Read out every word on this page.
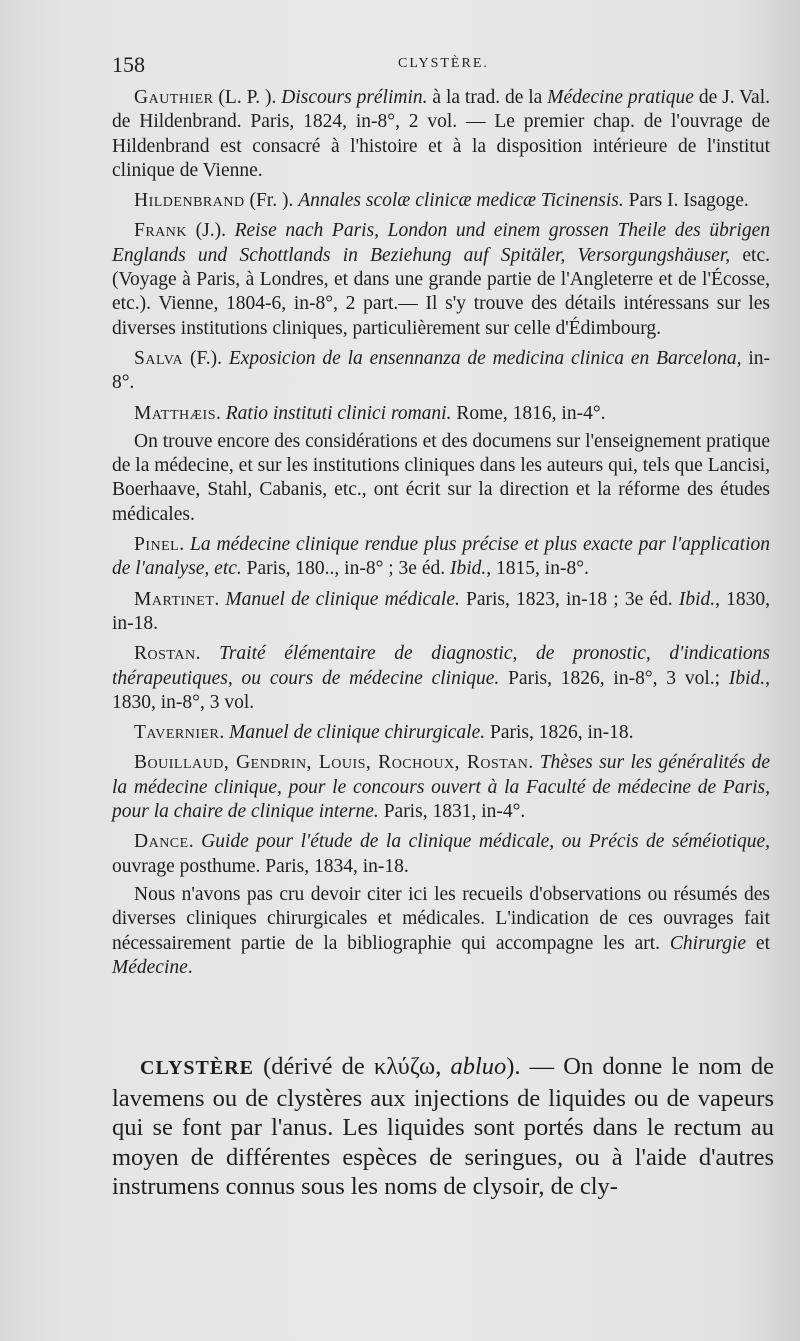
158	CLYSTÈRE.

Gauthier (L. P. ). Discours prélimin. à la trad. de la Médecine pratique de J. Val. de Hildenbrand. Paris, 1824, in-8°, 2 vol. — Le premier chap. de l'ouvrage de Hildenbrand est consacré à l'histoire et à la disposition intérieure de l'institut clinique de Vienne.

Hildenbrand (Fr. ). Annales scolæ clinicæ medicæ Ticinensis. Pars I. Isagoge.

Frank (J.). Reise nach Paris, London und einem grossen Theile des übrigen Englands und Schottlands in Beziehung auf Spitäler, Versorgungshäuser, etc. (Voyage à Paris, à Londres, et dans une grande partie de l'Angleterre et de l'Écosse, etc.). Vienne, 1804-6, in-8°, 2 part.— Il s'y trouve des détails intéressans sur les diverses institutions cliniques, particulièrement sur celle d'Édimbourg.

Salva (F.). Exposicion de la ensennanza de medicina clinica en Barcelona, in-8°.

Matthæis. Ratio instituti clinici romani. Rome, 1816, in-4°.

On trouve encore des considérations et des documens sur l'enseignement pratique de la médecine, et sur les institutions cliniques dans les auteurs qui, tels que Lancisi, Boerhaave, Stahl, Cabanis, etc., ont écrit sur la direction et la réforme des études médicales.

Pinel. La médecine clinique rendue plus précise et plus exacte par l'application de l'analyse, etc. Paris, 180.., in-8° ; 3e éd. Ibid., 1815, in-8°.

Martinet. Manuel de clinique médicale. Paris, 1823, in-18 ; 3e éd. Ibid., 1830, in-18.

Rostan. Traité élémentaire de diagnostic, de pronostic, d'indications thérapeutiques, ou cours de médecine clinique. Paris, 1826, in-8°, 3 vol.; Ibid., 1830, in-8°, 3 vol.

Tavernier. Manuel de clinique chirurgicale. Paris, 1826, in-18.

Bouillaud, Gendrin, Louis, Rochoux, Rostan. Thèses sur les généralités de la médecine clinique, pour le concours ouvert à la Faculté de médecine de Paris, pour la chaire de clinique interne. Paris, 1831, in-4°.

Dance. Guide pour l'étude de la clinique médicale, ou Précis de séméiotique, ouvrage posthume. Paris, 1834, in-18.

Nous n'avons pas cru devoir citer ici les recueils d'observations ou résumés des diverses cliniques chirurgicales et médicales. L'indication de ces ouvrages fait nécessairement partie de la bibliographie qui accompagne les art. Chirurgie et Médecine.

CLYSTÈRE (dérivé de κλύζω, abluo). — On donne le nom de lavemens ou de clystères aux injections de liquides ou de vapeurs qui se font par l'anus. Les liquides sont portés dans le rectum au moyen de différentes espèces de seringues, ou à l'aide d'autres instrumens connus sous les noms de clysoir, de cly-
